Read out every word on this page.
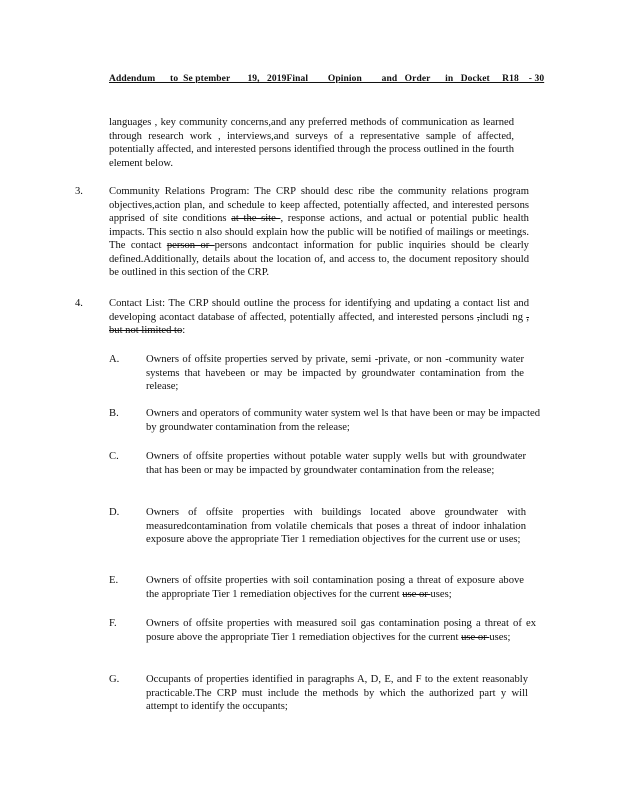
Addendum      to  Se ptember       19,   2019Final        Opinion        and   Order      in   Docket     R18    - 30
languages , key community concerns,and any preferred methods of communication as learned through research work , interviews,and surveys of a representative sample of affected, potentially affected, and interested persons identified through the process outlined in the fourth element below.
3. Community Relations Program: The CRP should desc ribe the community relations program objectives,action plan, and schedule to keep affected, potentially affected, and interested persons apprised of site conditions at the site , response actions, and actual or potential public health impacts. This sectio n also should explain how the public will be notified of mailings or meetings. The contact person or persons andcontact information for public inquiries should be clearly defined.Additionally, details about the location of, and access to, the document repository should be outlined in this section of the CRP.
4. Contact List: The CRP should outline the process for identifying and updating a contact list and developing acontact database of affected, potentially affected, and interested persons ,includi ng , but not limited to:
A.	Owners of offsite properties served by private, semi -private, or non -community water systems that havebeen or may be impacted by groundwater contamination from the release;
B.	Owners and operators of community water system wel ls that have been or may be impacted by groundwater contamination from the release;
C.	Owners of offsite properties without potable water supply wells but with groundwater that has been or may be impacted by groundwater contamination from the release;
D.	Owners of offsite properties with buildings located above groundwater with measuredcontamination from volatile chemicals that poses a threat of indoor inhalation exposure above the appropriate Tier 1 remediation objectives for the current use or uses;
E.	Owners of offsite properties with soil contamination posing a threat of exposure above the appropriate Tier 1 remediation objectives for the current use or uses;
F.	Owners of offsite properties with measured soil gas contamination posing a threat of ex posure above the appropriate Tier 1 remediation objectives for the current use or uses;
G.	Occupants of properties identified in paragraphs A, D, E, and F to the extent reasonably practicable.The CRP must include the methods by which the authorized part y will attempt to identify the occupants;
